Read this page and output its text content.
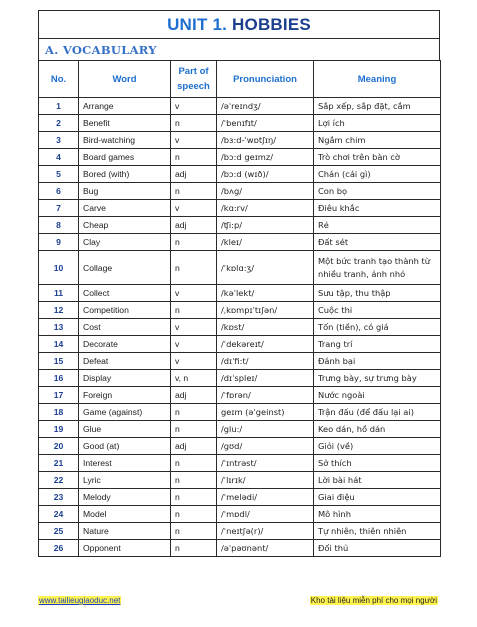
UNIT 1. HOBBIES
A. VOCABULARY
No.	Word	Part of speech	Pronunciation	Meaning
1	Arrange	v	/əˈreɪndʒ/	Sắp xếp, sắp đặt, cắm
2	Benefit	n	/ˈbenɪfɪt/	Lợi ích
3	Bird-watching	v	/bɜ:d-ˈwɒtʃɪŋ/	Ngắm chim
4	Board games	n	/bɔ:d geɪmz/	Trò chơi trên bàn cờ
5	Bored (with)	adj	/bɔ:d (wɪð)/	Chán (cái gì)
6	Bug	n	/bʌg/	Con bọ
7	Carve	v	/kɑ:rv/	Điêu khắc
8	Cheap	adj	/ʧi:p/	Rẻ
9	Clay	n	/kleɪ/	Đất sét
10	Collage	n	/ˈkɒlɑ:ʒ/	Một bức tranh tạo thành từ nhiều tranh, ảnh nhỏ
11	Collect	v	/kəˈlekt/	Sưu tập, thu thập
12	Competition	n	/ˌkɒmpɪˈtɪʃən/	Cuộc thi
13	Cost	v	/kɒst/	Tốn (tiền), có giá
14	Decorate	v	/ˈdekəreɪt/	Trang trí
15	Defeat	v	/dɪˈfi:t/	Đánh bại
16	Display	v, n	/dɪˈspleɪ/	Trưng bày, sự trưng bày
17	Foreign	adj	/ˈfɒrən/	Nước ngoài
18	Game (against)	n	geɪm (əˈgeinst)	Trận đấu (để đấu lại ai)
19	Glue	n	/glu:/	Keo dán, hồ dán
20	Good (at)	adj	/gʊd/	Giỏi (về)
21	Interest	n	/ˈɪntrəst/	Sở thích
22	Lyric	n	/ˈlɪrɪk/	Lời bài hát
23	Melody	n	/ˈmelədi/	Giai điệu
24	Model	n	/ˈmɒdl/	Mô hình
25	Nature	n	/ˈneɪtʃə(r)/	Tự nhiên, thiên nhiên
26	Opponent	n	/əˈpəʊnənt/	Đối thủ
www.tailieugiaoduc.net	Kho tài liệu miễn phí cho mọi người
